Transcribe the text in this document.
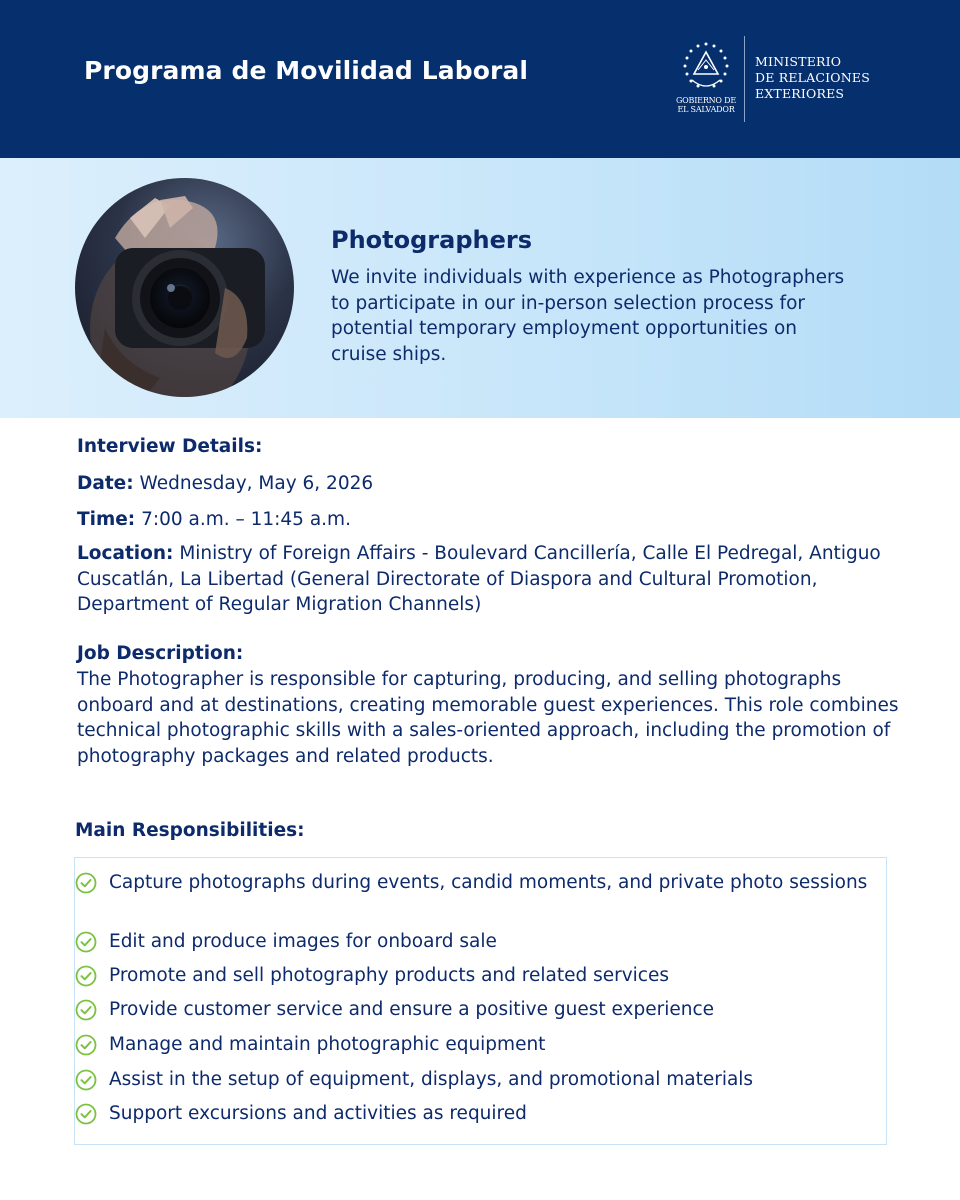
Programa de Movilidad Laboral
GOBIERNO DE
EL SALVADOR
MINISTERIO
DE RELACIONES
EXTERIORES
Photographers
We invite individuals with experience as Photographers to participate in our in-person selection process for potential temporary employment opportunities on cruise ships.
Interview Details:
Date: Wednesday, May 6, 2026
Time: 7:00 a.m. – 11:45 a.m.
Location: Ministry of Foreign Affairs - Boulevard Cancillería, Calle El Pedregal, Antiguo Cuscatlán, La Libertad (General Directorate of Diaspora and Cultural Promotion, Department of Regular Migration Channels)
Job Description:
The Photographer is responsible for capturing, producing, and selling photographs onboard and at destinations, creating memorable guest experiences. This role combines technical photographic skills with a sales-oriented approach, including the promotion of photography packages and related products.
Main Responsibilities:
Capture photographs during events, candid moments, and private photo sessions
Edit and produce images for onboard sale
Promote and sell photography products and related services
Provide customer service and ensure a positive guest experience
Manage and maintain photographic equipment
Assist in the setup of equipment, displays, and promotional materials
Support excursions and activities as required
